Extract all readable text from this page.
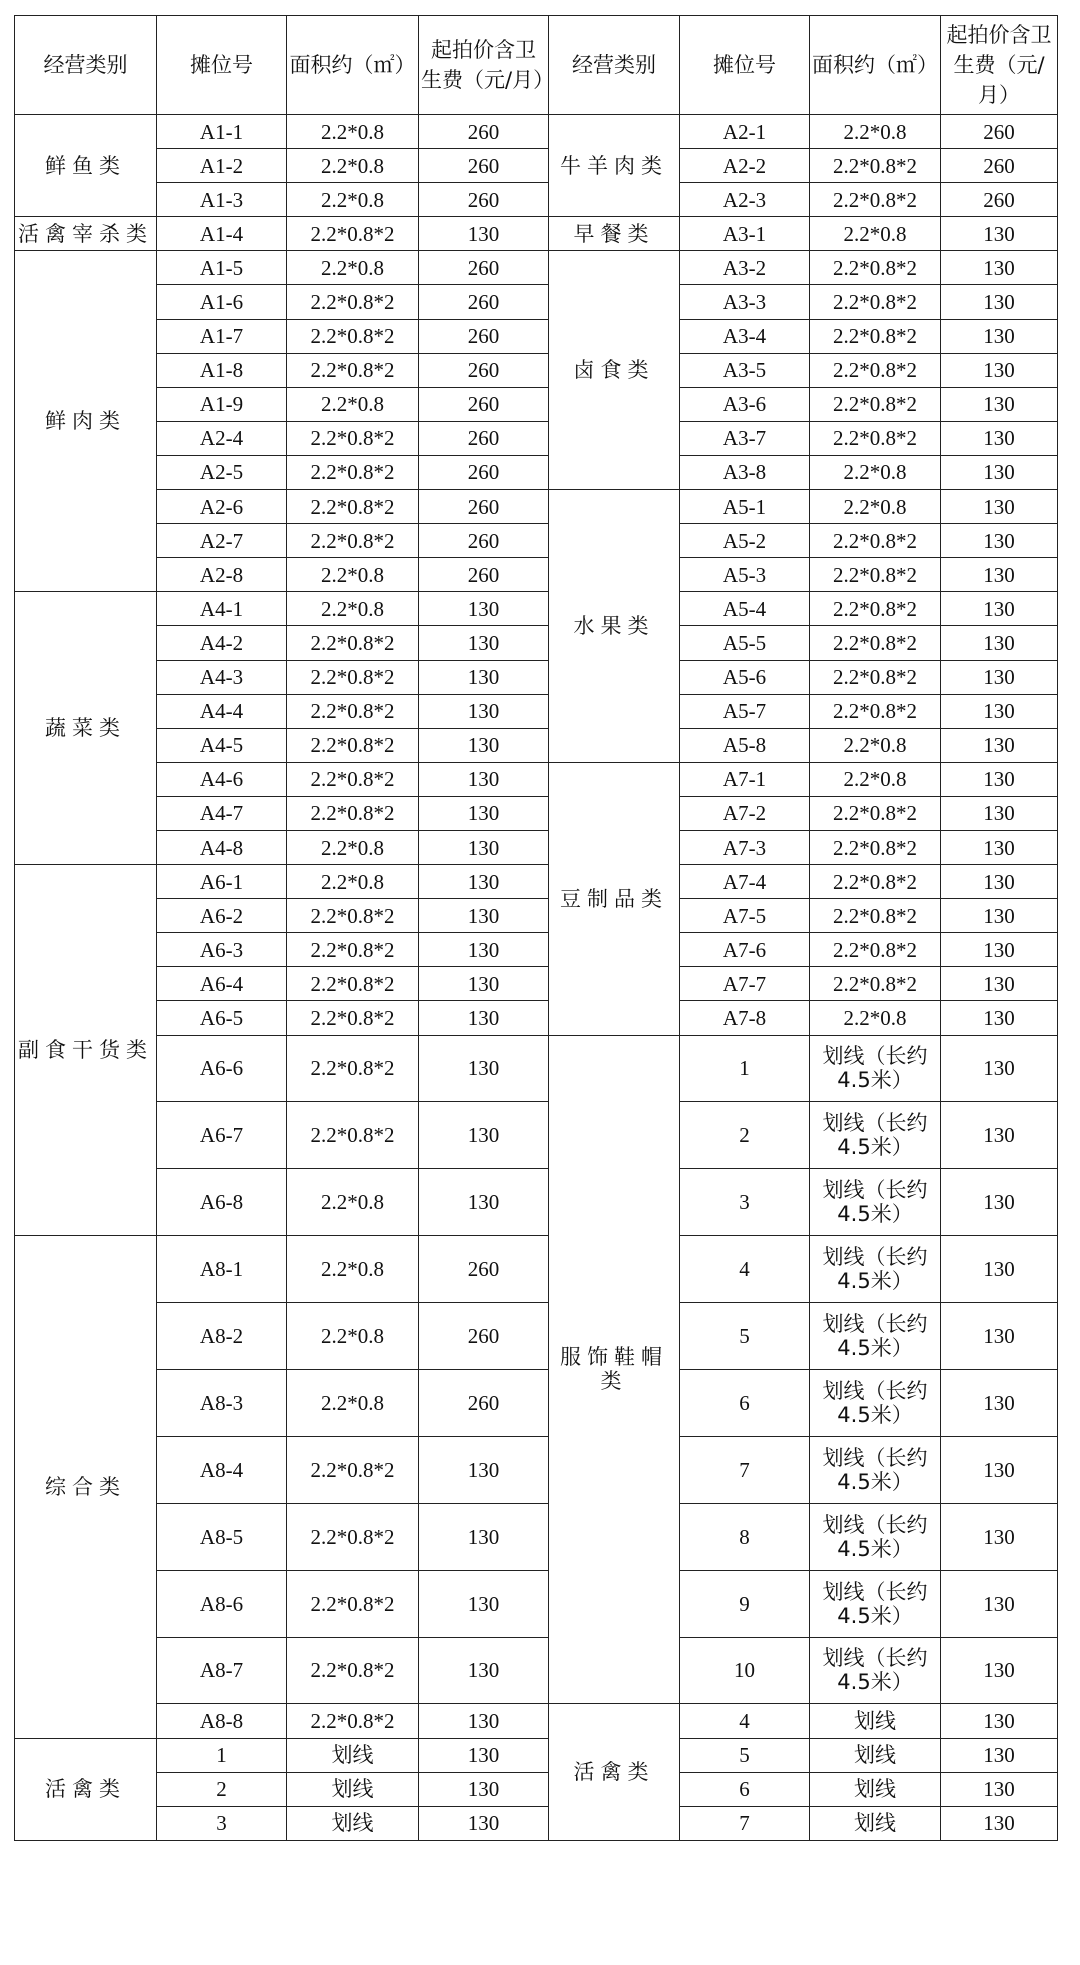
经营类别	摊位号	面积约（㎡）	起拍价含卫生费（元/月）	经营类别	摊位号	面积约（㎡）	起拍价含卫生费（元/月）
鲜鱼类	A1-1	2.2*0.8	260	牛羊肉类	A2-1	2.2*0.8	260
	A1-2	2.2*0.8	260		A2-2	2.2*0.8*2	260
	A1-3	2.2*0.8	260		A2-3	2.2*0.8*2	260
活禽宰杀类	A1-4	2.2*0.8*2	130	早餐类	A3-1	2.2*0.8	130
鲜肉类	A1-5	2.2*0.8	260	卤食类	A3-2	2.2*0.8*2	130
	A1-6	2.2*0.8*2	260		A3-3	2.2*0.8*2	130
	A1-7	2.2*0.8*2	260		A3-4	2.2*0.8*2	130
	A1-8	2.2*0.8*2	260		A3-5	2.2*0.8*2	130
	A1-9	2.2*0.8	260		A3-6	2.2*0.8*2	130
	A2-4	2.2*0.8*2	260		A3-7	2.2*0.8*2	130
	A2-5	2.2*0.8*2	260		A3-8	2.2*0.8	130
	A2-6	2.2*0.8*2	260	水果类	A5-1	2.2*0.8	130
	A2-7	2.2*0.8*2	260		A5-2	2.2*0.8*2	130
	A2-8	2.2*0.8	260		A5-3	2.2*0.8*2	130
蔬菜类	A4-1	2.2*0.8	130		A5-4	2.2*0.8*2	130
	A4-2	2.2*0.8*2	130		A5-5	2.2*0.8*2	130
	A4-3	2.2*0.8*2	130		A5-6	2.2*0.8*2	130
	A4-4	2.2*0.8*2	130		A5-7	2.2*0.8*2	130
	A4-5	2.2*0.8*2	130		A5-8	2.2*0.8	130
	A4-6	2.2*0.8*2	130	豆制品类	A7-1	2.2*0.8	130
	A4-7	2.2*0.8*2	130		A7-2	2.2*0.8*2	130
	A4-8	2.2*0.8	130		A7-3	2.2*0.8*2	130
副食干货类	A6-1	2.2*0.8	130		A7-4	2.2*0.8*2	130
	A6-2	2.2*0.8*2	130		A7-5	2.2*0.8*2	130
	A6-3	2.2*0.8*2	130		A7-6	2.2*0.8*2	130
	A6-4	2.2*0.8*2	130		A7-7	2.2*0.8*2	130
	A6-5	2.2*0.8*2	130		A7-8	2.2*0.8	130
	A6-6	2.2*0.8*2	130	服饰鞋帽类	1	划线（长约4.5米）	130
	A6-7	2.2*0.8*2	130		2	划线（长约4.5米）	130
	A6-8	2.2*0.8	130		3	划线（长约4.5米）	130
综合类	A8-1	2.2*0.8	260		4	划线（长约4.5米）	130
	A8-2	2.2*0.8	260		5	划线（长约4.5米）	130
	A8-3	2.2*0.8	260		6	划线（长约4.5米）	130
	A8-4	2.2*0.8*2	130		7	划线（长约4.5米）	130
	A8-5	2.2*0.8*2	130		8	划线（长约4.5米）	130
	A8-6	2.2*0.8*2	130		9	划线（长约4.5米）	130
	A8-7	2.2*0.8*2	130		10	划线（长约4.5米）	130
	A8-8	2.2*0.8*2	130	活禽类	4	划线	130
活禽类	1	划线	130		5	划线	130
	2	划线	130		6	划线	130
	3	划线	130		7	划线	130
